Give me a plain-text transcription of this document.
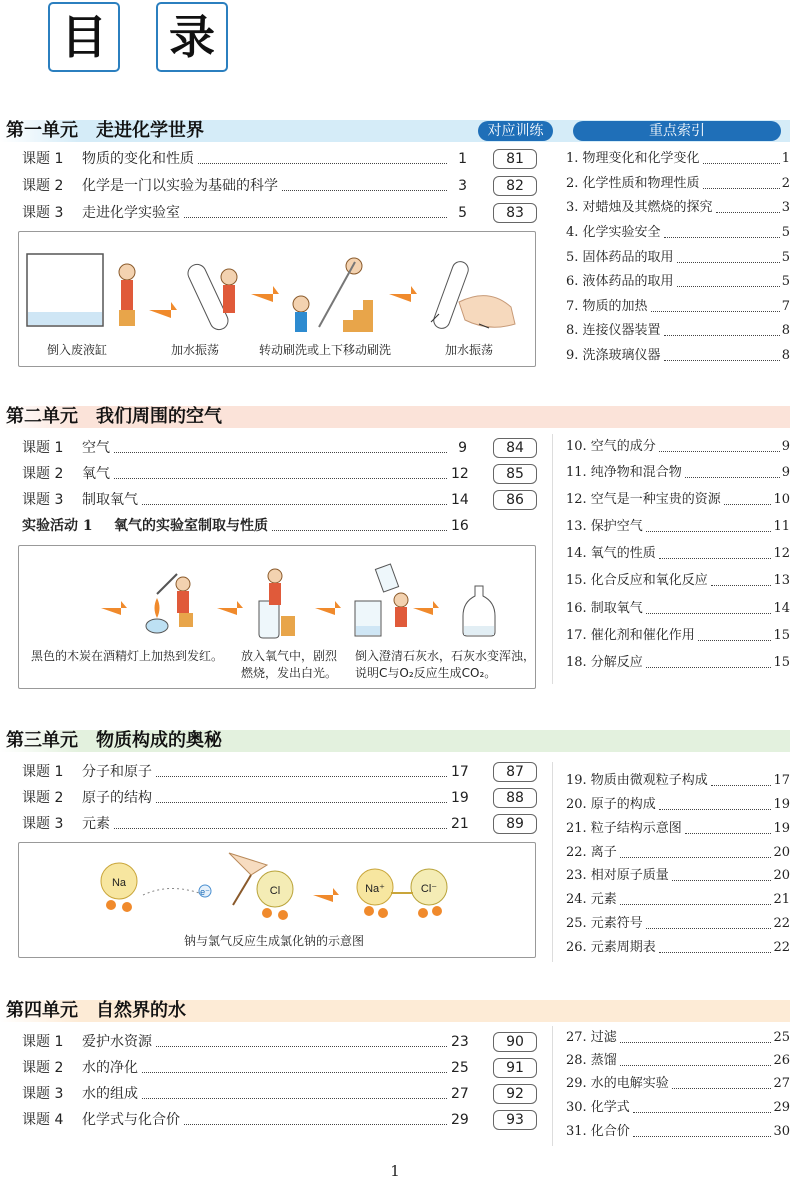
目 录
第一单元　走进化学世界	对应训练	重点索引
课题 1	物质的变化和性质	1	81
课题 2	化学是一门以实验为基础的科学	3	82
课题 3	走进化学实验室	5	83
倒入废液缸	加水振荡	转动刷洗或上下移动刷洗	加水振荡
1. 物理变化和化学变化	1
2. 化学性质和物理性质	2
3. 对蜡烛及其燃烧的探究	3
4. 化学实验安全	5
5. 固体药品的取用	5
6. 液体药品的取用	5
7. 物质的加热	7
8. 连接仪器装置	8
9. 洗涤玻璃仪器	8
第二单元　我们周围的空气
课题 1	空气	9	84
课题 2	氧气	12	85
课题 3	制取氧气	14	86
实验活动 1	氧气的实验室制取与性质	16
黑色的木炭在酒精灯上加热到发红。 放入氧气中，剧烈
燃烧，发出白光。
倒入澄清石灰水，石灰水变浑浊，
说明C与O₂反应生成CO₂。
10. 空气的成分	9
11. 纯净物和混合物	9
12. 空气是一种宝贵的资源	10
13. 保护空气	11
14. 氧气的性质	12
15. 化合反应和氧化反应	13
16. 制取氧气	14
17. 催化剂和催化作用	15
18. 分解反应	15
第三单元　物质构成的奥秘
课题 1	分子和原子	17	87
课题 2	原子的结构	19	88
课题 3	元素	21	89
Na
e⁻	Cl	Na⁺	Cl⁻
钠与氯气反应生成氯化钠的示意图
19. 物质由微观粒子构成	17
20. 原子的构成	19
21. 粒子结构示意图	19
22. 离子	20
23. 相对原子质量	20
24. 元素	21
25. 元素符号	22
26. 元素周期表	22
第四单元　自然界的水
课题 1	爱护水资源	23	90
课题 2	水的净化	25	91
课题 3	水的组成	27	92
课题 4	化学式与化合价	29	93
27. 过滤	25
28. 蒸馏	26
29. 水的电解实验	27
30. 化学式	29
31. 化合价	30
1
